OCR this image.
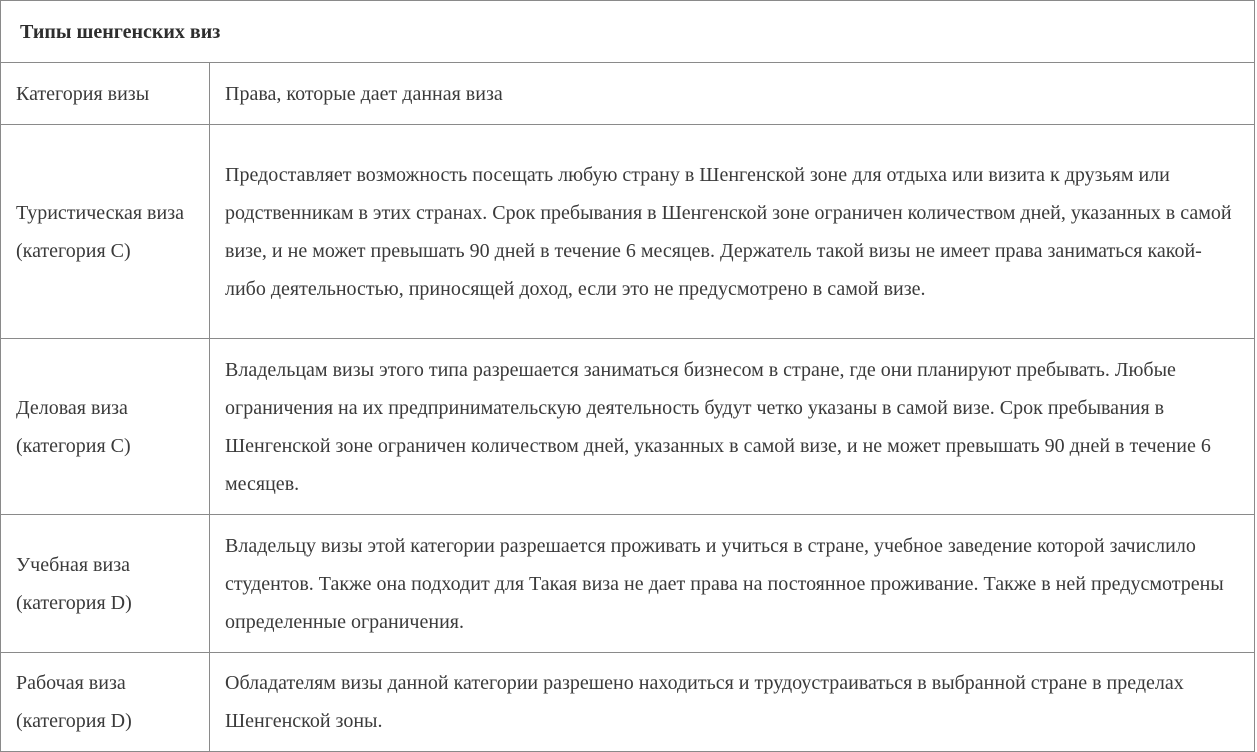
Типы шенгенских виз	
Категория визы	Права, которые дает данная виза
Туристическая виза (категория С)	Предоставляет возможность посещать любую страну в Шенгенской зоне для отдыха или визита к друзьям или родственникам в этих странах. Срок пребывания в Шенгенской зоне ограничен количеством дней, указанных в самой визе, и не может превышать 90 дней в течение 6 месяцев. Держатель такой визы не имеет права заниматься какой-либо деятельностью, приносящей доход, если это не предусмотрено в самой визе.
Деловая виза (категория С)	Владельцам визы этого типа разрешается заниматься бизнесом в стране, где они планируют пребывать. Любые ограничения на их предпринимательскую деятельность будут четко указаны в самой визе. Срок пребывания в Шенгенской зоне ограничен количеством дней, указанных в самой визе, и не может превышать 90 дней в течение 6 месяцев.
Учебная виза (категория D)	Владельцу визы этой категории разрешается проживать и учиться в стране, учебное заведение которой зачислило студентов. Также она подходит для Такая виза не дает права на постоянное проживание. Также в ней предусмотрены определенные ограничения.
Рабочая виза (категория D)	Обладателям визы данной категории разрешено находиться и трудоустраиваться в выбранной стране в пределах Шенгенской зоны.
